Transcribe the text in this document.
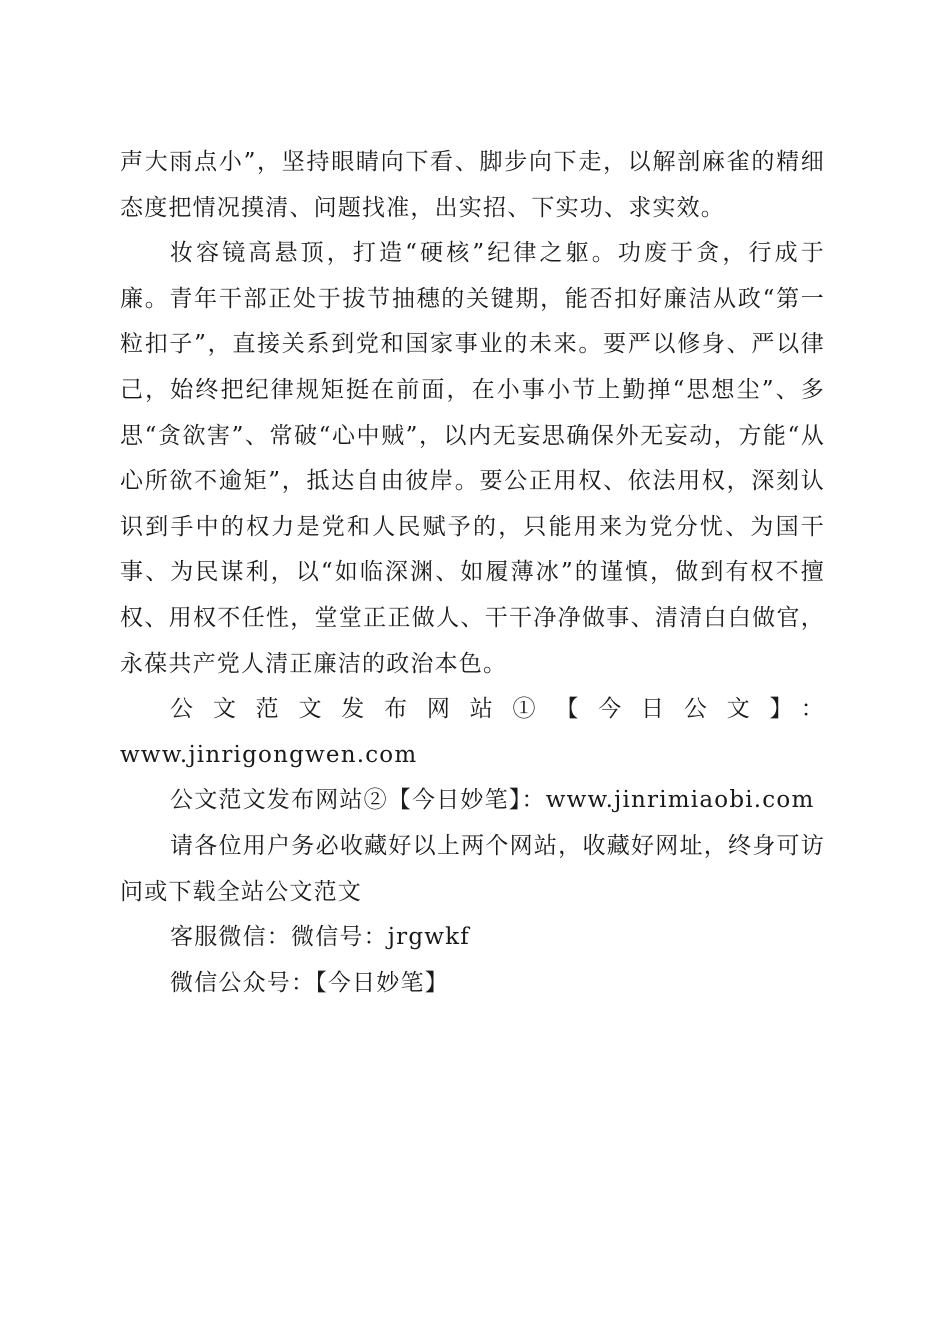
声大雨点小”，坚持眼睛向下看、脚步向下走，以解剖麻雀的精细态度把情况摸清、问题找准，出实招、下实功、求实效。

妆容镜高悬顶，打造“硬核”纪律之躯。功废于贪，行成于廉。青年干部正处于拔节抽穗的关键期，能否扣好廉洁从政“第一粒扣子”，直接关系到党和国家事业的未来。要严以修身、严以律己，始终把纪律规矩挺在前面，在小事小节上勤掸“思想尘”、多思“贪欲害”、常破“心中贼”，以内无妄思确保外无妄动，方能“从心所欲不逾矩”，抵达自由彼岸。要公正用权、依法用权，深刻认识到手中的权力是党和人民赋予的，只能用来为党分忧、为国干事、为民谋利，以“如临深渊、如履薄冰”的谨慎，做到有权不擅权、用权不任性，堂堂正正做人、干干净净做事、清清白白做官，永葆共产党人清正廉洁的政治本色。

公文范文发布网站①【今日公文】：

www.jinrigongwen.com

公文范文发布网站②【今日妙笔】：www.jinrimiaobi.com

请各位用户务必收藏好以上两个网站，收藏好网址，终身可访问或下载全站公文范文

客服微信：微信号：jrgwkf

微信公众号：【今日妙笔】
